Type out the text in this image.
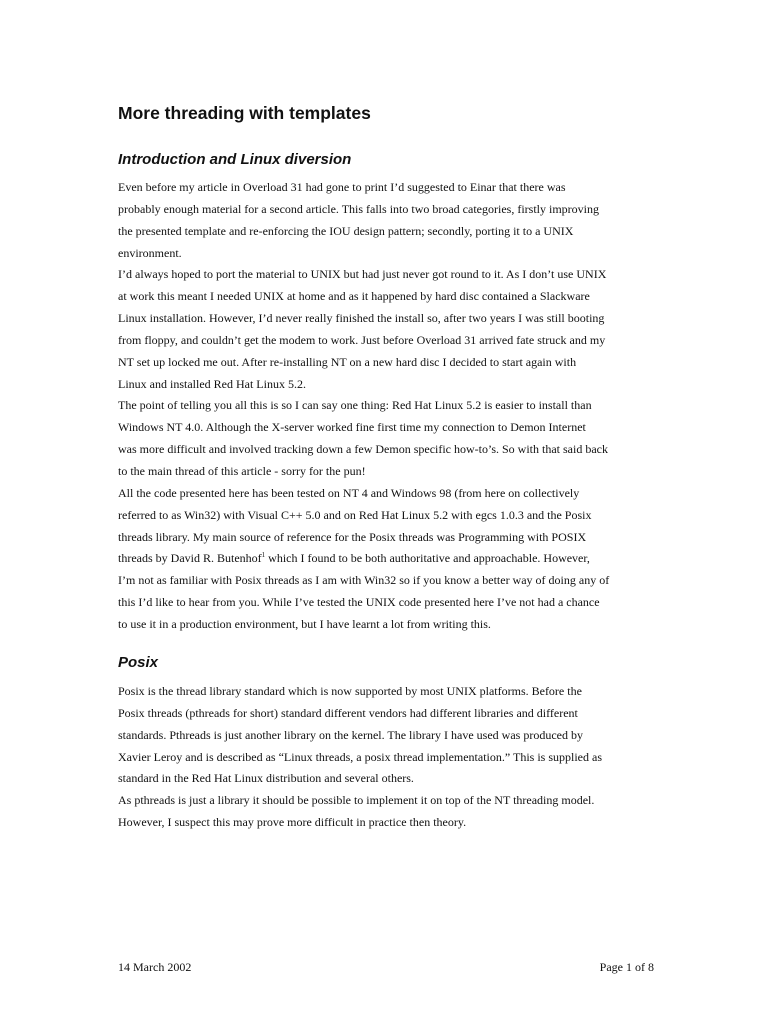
More threading with templates
Introduction and Linux diversion
Even before my article in Overload 31 had gone to print I’d suggested to Einar that there was
probably enough material for a second article. This falls into two broad categories, firstly improving
the presented template and re-enforcing the IOU design pattern; secondly, porting it to a UNIX
environment.
I’d always hoped to port the material to UNIX but had just never got round to it. As I don’t use UNIX
at work this meant I needed UNIX at home and as it happened by hard disc contained a Slackware
Linux installation. However, I’d never really finished the install so, after two years I was still booting
from floppy, and couldn’t get the modem to work. Just before Overload 31 arrived fate struck and my
NT set up locked me out. After re-installing NT on a new hard disc I decided to start again with
Linux and installed Red Hat Linux 5.2.
The point of telling you all this is so I can say one thing: Red Hat Linux 5.2 is easier to install than
Windows NT 4.0. Although the X-server worked fine first time my connection to Demon Internet
was more difficult and involved tracking down a few Demon specific how-to’s. So with that said back
to the main thread of this article - sorry for the pun!
All the code presented here has been tested on NT 4 and Windows 98 (from here on collectively
referred to as Win32) with Visual C++ 5.0 and on Red Hat Linux 5.2 with egcs 1.0.3 and the Posix
threads library. My main source of reference for the Posix threads was Programming with POSIX
threads by David R. Butenhof$^1$ which I found to be both authoritative and approachable. However,
I’m not as familiar with Posix threads as I am with Win32 so if you know a better way of doing any of
this I’d like to hear from you. While I’ve tested the UNIX code presented here I’ve not had a chance
to use it in a production environment, but I have learnt a lot from writing this.
Posix
Posix is the thread library standard which is now supported by most UNIX platforms. Before the
Posix threads (pthreads for short) standard different vendors had different libraries and different
standards. Pthreads is just another library on the kernel. The library I have used was produced by
Xavier Leroy and is described as “Linux threads, a posix thread implementation.” This is supplied as
standard in the Red Hat Linux distribution and several others.
As pthreads is just a library it should be possible to implement it on top of the NT threading model.
However, I suspect this may prove more difficult in practice then theory.
14 March 2002	Page 1 of 8
